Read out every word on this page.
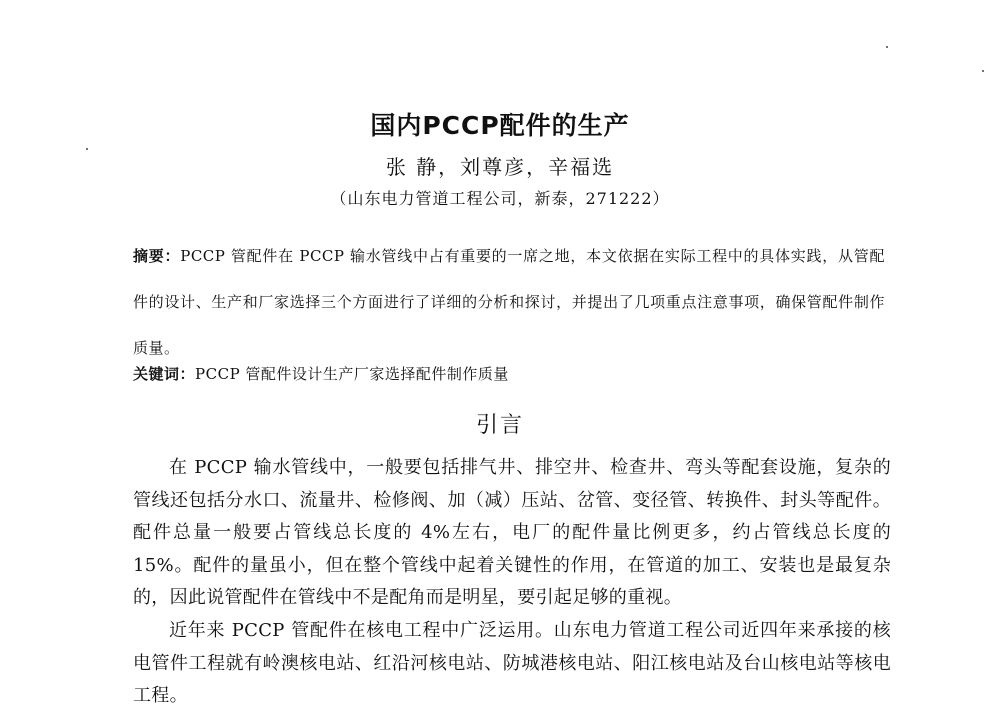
国内PCCP配件的生产
张 静，刘尊彦，辛福选
（山东电力管道工程公司，新泰，271222）
摘要：PCCP 管配件在 PCCP 输水管线中占有重要的一席之地，本文依据在实际工程中的具体实践，从管配件的设计、生产和厂家选择三个方面进行了详细的分析和探讨，并提出了几项重点注意事项，确保管配件制作质量。
关键词：PCCP 管配件设计生产厂家选择配件制作质量
引言

在 PCCP 输水管线中，一般要包括排气井、排空井、检查井、弯头等配套设施，复杂的管线还包括分水口、流量井、检修阀、加（减）压站、岔管、变径管、转换件、封头等配件。配件总量一般要占管线总长度的 4%左右，电厂的配件量比例更多，约占管线总长度的 15%。配件的量虽小，但在整个管线中起着关键性的作用，在管道的加工、安装也是最复杂的，因此说管配件在管线中不是配角而是明星，要引起足够的重视。

近年来 PCCP 管配件在核电工程中广泛运用。山东电力管道工程公司近四年来承接的核电管件工程就有岭澳核电站、红沿河核电站、防城港核电站、阳江核电站及台山核电站等核电工程。
